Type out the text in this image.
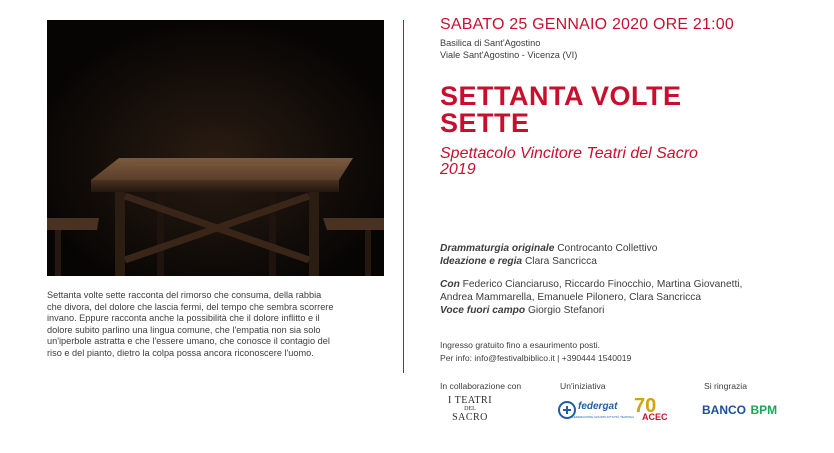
Settanta volte sette racconta del rimorso che consuma, della rabbia
che divora, del dolore che lascia fermi, del tempo che sembra scorrere
invano. Eppure racconta anche la possibilità che il dolore inflitto e il
dolore subito parlino una lingua comune, che l'empatia non sia solo
un'iperbole astratta e che l'essere umano, che conosce il contagio del
riso e del pianto, dietro la colpa possa ancora riconoscere l'uomo.
SABATO 25 GENNAIO 2020 ORE 21:00
Basilica di Sant'Agostino
Viale Sant'Agostino - Vicenza (VI)
SETTANTA VOLTE
SETTE
Spettacolo Vincitore Teatri del Sacro
2019
Drammaturgia originale Controcanto Collettivo
Ideazione e regia Clara Sancricca
Con Federico Cianciaruso, Riccardo Finocchio, Martina Giovanetti,
Andrea Mammarella, Emanuele Pilonero, Clara Sancricca
Voce fuori campo Giorgio Stefanori
Ingresso gratuito fino a esaurimento posti.
Per info: info@festivalbiblico.it | +390444 1540019
In collaborazione con	Un'iniziativa	Si ringrazia
I TEATRI
DEL
SACRO
federgat
FEDERAZIONE GRUPPI ATTIVITÀ TEATRALI 70
ACEC	BANCO BPM
